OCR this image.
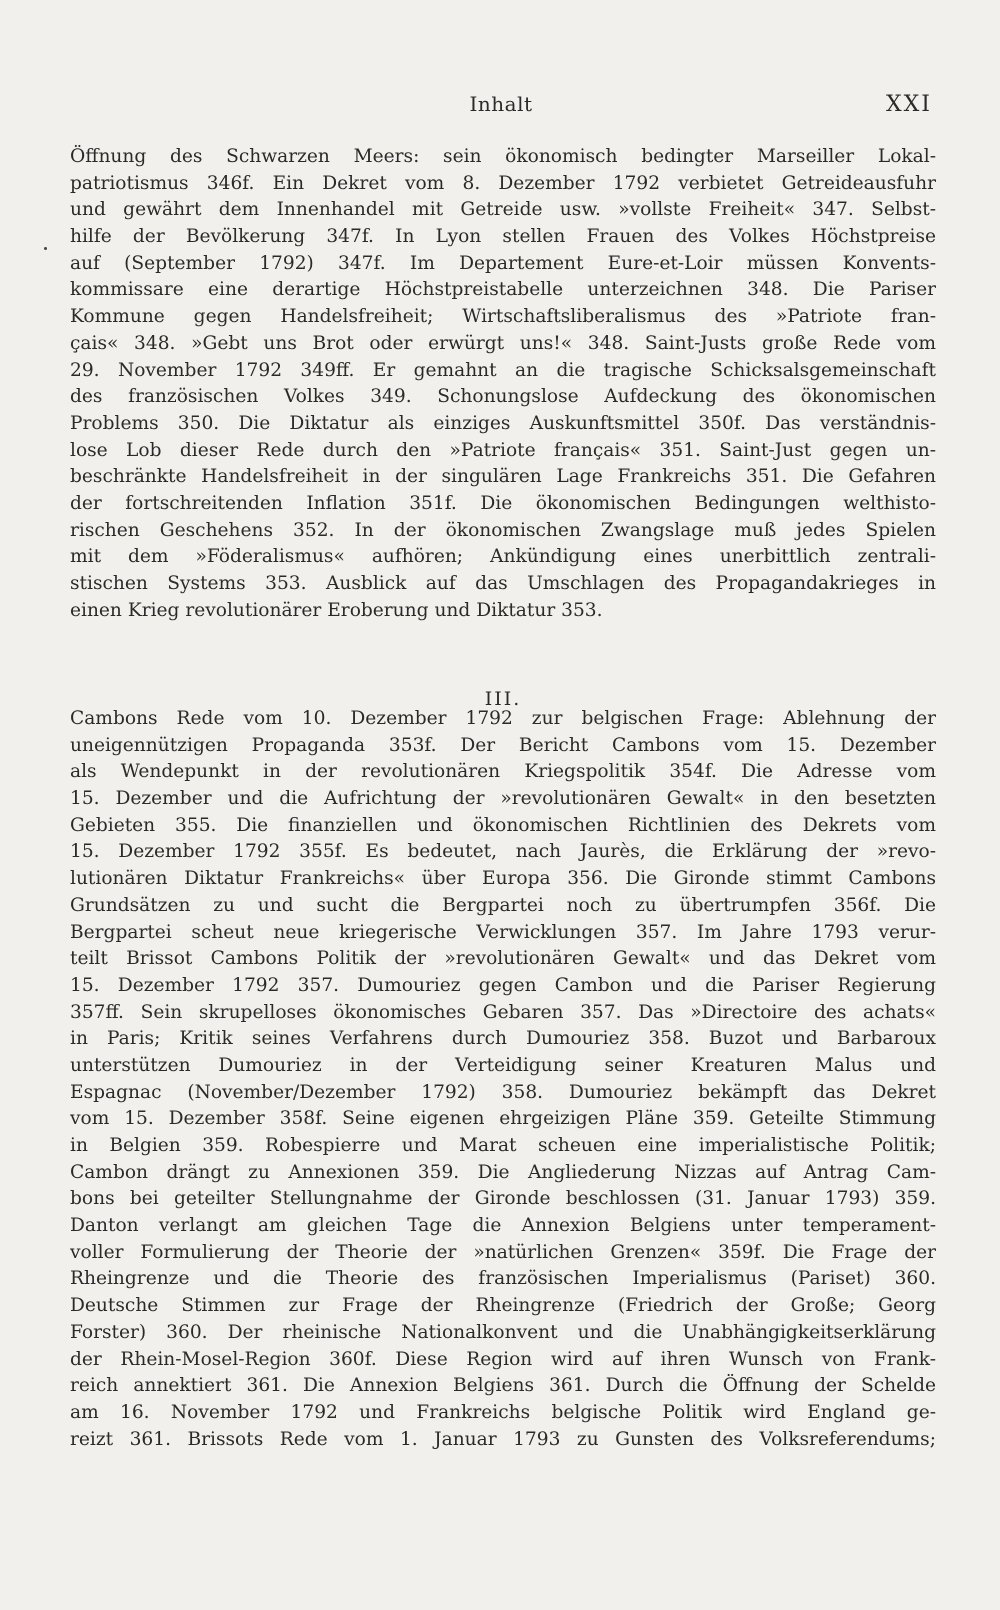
Inhalt	XXI
Öffnung des Schwarzen Meers: sein ökonomisch bedingter Marseiller Lokal-
patriotismus 346f. Ein Dekret vom 8. Dezember 1792 verbietet Getreideausfuhr
und gewährt dem Innenhandel mit Getreide usw. »vollste Freiheit« 347. Selbst-
hilfe der Bevölkerung 347f. In Lyon stellen Frauen des Volkes Höchstpreise
auf (September 1792) 347f. Im Departement Eure-et-Loir müssen Konvents-
kommissare eine derartige Höchstpreistabelle unterzeichnen 348. Die Pariser
Kommune gegen Handelsfreiheit; Wirtschaftsliberalismus des »Patriote fran-
çais« 348. »Gebt uns Brot oder erwürgt uns!« 348. Saint-Justs große Rede vom
29. November 1792 349ff. Er gemahnt an die tragische Schicksalsgemeinschaft
des französischen Volkes 349. Schonungslose Aufdeckung des ökonomischen
Problems 350. Die Diktatur als einziges Auskunftsmittel 350f. Das verständnis-
lose Lob dieser Rede durch den »Patriote français« 351. Saint-Just gegen un-
beschränkte Handelsfreiheit in der singulären Lage Frankreichs 351. Die Gefahren
der fortschreitenden Inflation 351f. Die ökonomischen Bedingungen welthisto-
rischen Geschehens 352. In der ökonomischen Zwangslage muß jedes Spielen
mit dem »Föderalismus« aufhören; Ankündigung eines unerbittlich zentrali-
stischen Systems 353. Ausblick auf das Umschlagen des Propagandakrieges in
einen Krieg revolutionärer Eroberung und Diktatur 353.
III.
Cambons Rede vom 10. Dezember 1792 zur belgischen Frage: Ablehnung der
uneigennützigen Propaganda 353f. Der Bericht Cambons vom 15. Dezember
als Wendepunkt in der revolutionären Kriegspolitik 354f. Die Adresse vom
15. Dezember und die Aufrichtung der »revolutionären Gewalt« in den besetzten
Gebieten 355. Die finanziellen und ökonomischen Richtlinien des Dekrets vom
15. Dezember 1792 355f. Es bedeutet, nach Jaurès, die Erklärung der »revo-
lutionären Diktatur Frankreichs« über Europa 356. Die Gironde stimmt Cambons
Grundsätzen zu und sucht die Bergpartei noch zu übertrumpfen 356f. Die
Bergpartei scheut neue kriegerische Verwicklungen 357. Im Jahre 1793 verur-
teilt Brissot Cambons Politik der »revolutionären Gewalt« und das Dekret vom
15. Dezember 1792 357. Dumouriez gegen Cambon und die Pariser Regierung
357ff. Sein skrupelloses ökonomisches Gebaren 357. Das »Directoire des achats«
in Paris; Kritik seines Verfahrens durch Dumouriez 358. Buzot und Barbaroux
unterstützen Dumouriez in der Verteidigung seiner Kreaturen Malus und
Espagnac (November/Dezember 1792) 358. Dumouriez bekämpft das Dekret
vom 15. Dezember 358f. Seine eigenen ehrgeizigen Pläne 359. Geteilte Stimmung
in Belgien 359. Robespierre und Marat scheuen eine imperialistische Politik;
Cambon drängt zu Annexionen 359. Die Angliederung Nizzas auf Antrag Cam-
bons bei geteilter Stellungnahme der Gironde beschlossen (31. Januar 1793) 359.
Danton verlangt am gleichen Tage die Annexion Belgiens unter temperament-
voller Formulierung der Theorie der »natürlichen Grenzen« 359f. Die Frage der
Rheingrenze und die Theorie des französischen Imperialismus (Pariset) 360.
Deutsche Stimmen zur Frage der Rheingrenze (Friedrich der Große; Georg
Forster) 360. Der rheinische Nationalkonvent und die Unabhängigkeitserklärung
der Rhein-Mosel-Region 360f. Diese Region wird auf ihren Wunsch von Frank-
reich annektiert 361. Die Annexion Belgiens 361. Durch die Öffnung der Schelde
am 16. November 1792 und Frankreichs belgische Politik wird England ge-
reizt 361. Brissots Rede vom 1. Januar 1793 zu Gunsten des Volksreferendums;
